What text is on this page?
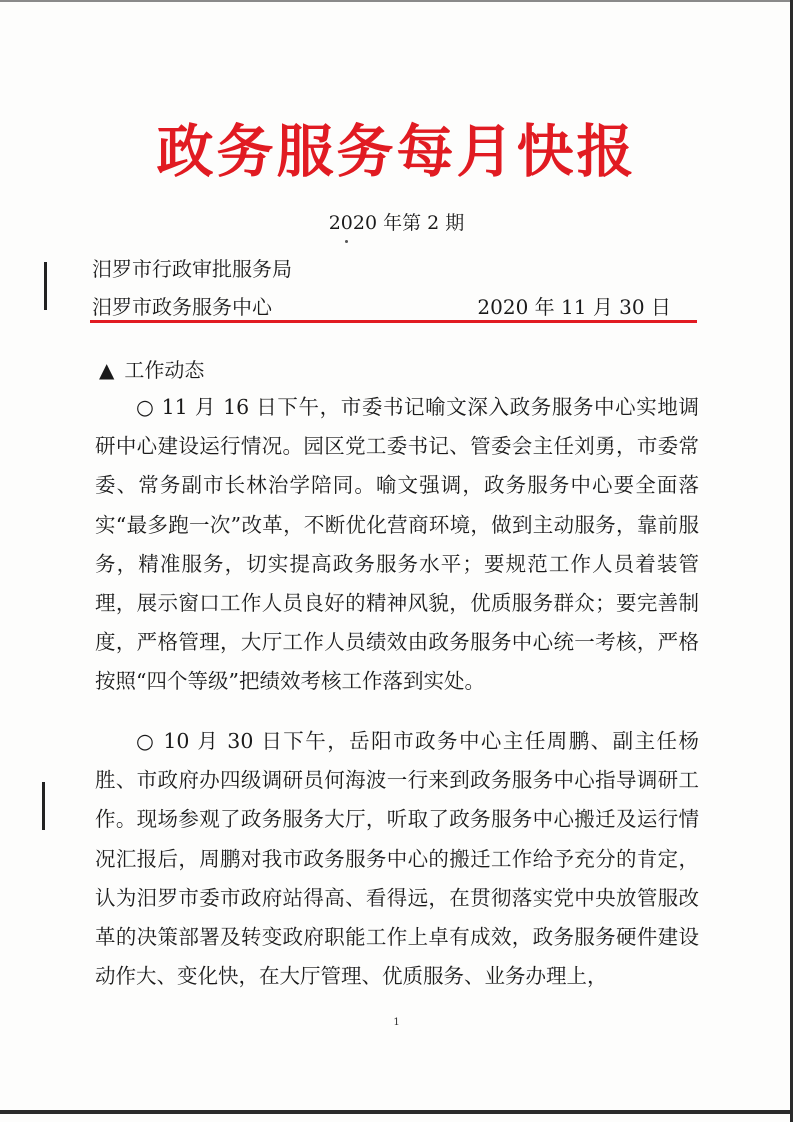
政务服务每月快报
2020 年第 2 期
汨罗市行政审批服务局
汨罗市政务服务中心	2020 年 11 月 30 日
▲ 工作动态
○ 11 月 16 日下午，市委书记喻文深入政务服务中心实地调研中心建设运行情况。园区党工委书记、管委会主任刘勇，市委常委、常务副市长林治学陪同。喻文强调，政务服务中心要全面落实“最多跑一次”改革，不断优化营商环境，做到主动服务，靠前服务，精准服务，切实提高政务服务水平；要规范工作人员着装管理，展示窗口工作人员良好的精神风貌，优质服务群众；要完善制度，严格管理，大厅工作人员绩效由政务服务中心统一考核，严格按照“四个等级”把绩效考核工作落到实处。
○ 10 月 30 日下午，岳阳市政务中心主任周鹏、副主任杨胜、市政府办四级调研员何海波一行来到政务服务中心指导调研工作。现场参观了政务服务大厅，听取了政务服务中心搬迁及运行情况汇报后，周鹏对我市政务服务中心的搬迁工作给予充分的肯定，认为汨罗市委市政府站得高、看得远，在贯彻落实党中央放管服改革的决策部署及转变政府职能工作上卓有成效，政务服务硬件建设动作大、变化快，在大厅管理、优质服务、业务办理上，
1
